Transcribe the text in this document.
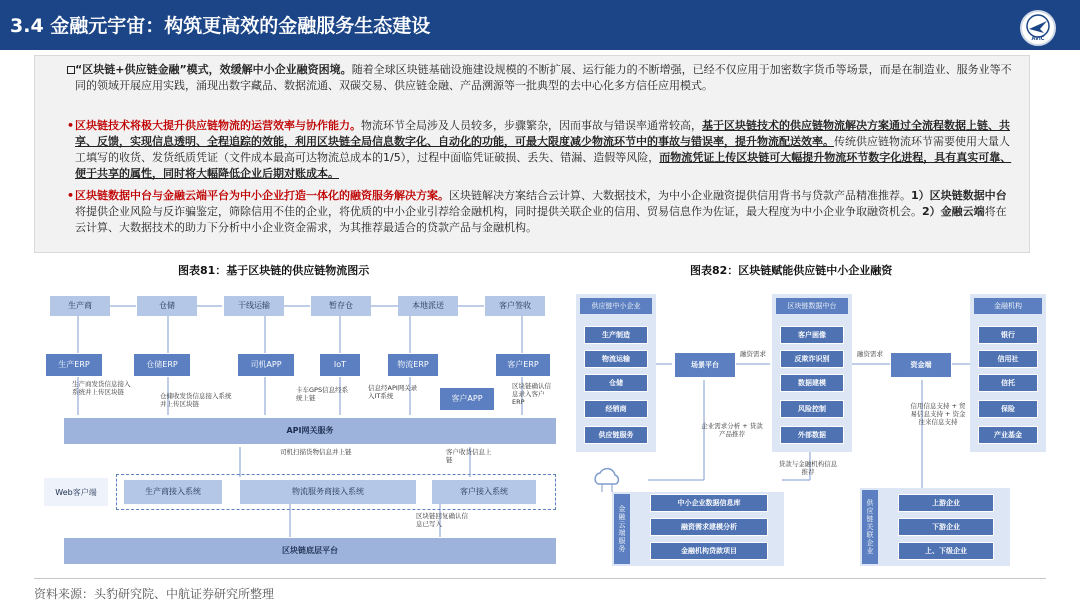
3.4 金融元宇宙：构筑更高效的金融服务生态建设
AVIC
“区块链+供应链金融”模式，效缓解中小企业融资困境。随着全球区块链基础设施建设规模的不断扩展、运行能力的不断增强，已经不仅应用于加密数字货币等场景，而是在制造业、服务业等不同的领域开展应用实践，涌现出数字藏品、数据流通、双碳交易、供应链金融、产品溯源等一批典型的去中心化多方信任应用模式。
• 区块链技术将极大提升供应链物流的运营效率与协作能力。物流环节全局涉及人员较多，步骤繁杂，因而事故与错误率通常较高，基于区块链技术的供应链物流解决方案通过全流程数据上链、共享、反馈，实现信息透明、全程追踪的效能，利用区块链全局信息数字化、自动化的功能，可最大限度减少物流环节中的事故与错误率，提升物流配送效率。传统供应链物流环节需要使用大量人工填写的收货、发货纸质凭证（文件成本最高可达物流总成本的1/5），过程中面临凭证破损、丢失、错漏、造假等风险，而物流凭证上传区块链可大幅提升物流环节数字化进程，具有真实可靠、便于共享的属性，同时将大幅降低企业后期对账成本。
• 区块链数据中台与金融云端平台为中小企业打造一体化的融资服务解决方案。区块链解决方案结合云计算、大数据技术，为中小企业融资提供信用背书与贷款产品精准推荐。1）区块链数据中台将提供企业风险与反诈骗鉴定，筛除信用不佳的企业，将优质的中小企业引荐给金融机构，同时提供关联企业的信用、贸易信息作为佐证，最大程度为中小企业争取融资机会。2）金融云端将在云计算、大数据技术的助力下分析中小企业资金需求，为其推荐最适合的贷款产品与金融机构。
图表81：基于区块链的供应链物流图示	图表82：区块链赋能供应链中小企业融资
生产商	仓储	干线运输	暂存仓	本地派送	客户签收
生产ERP	仓储ERP	司机APP	IoT	物流ERP	客户ERP
客户APP
生产商发货信息接入系统并上传区块链	仓储收发货信息接入系统并上传区块链
卡车GPS信息经系统上链
信息经API网关录入IT系统
区块链确认信息录入客户ERP
API网关服务
司机扫描货物信息并上链	客户收货信息上链
Web客户端	生产商接入系统	物流服务商接入系统	客户接入系统
区块链回复确认信息已写入
区块链底层平台
供应链中小企业
生产制造
物流运输
仓储
经销商
供应链服务
场景平台
融资需求
区块链数据中台
客户画像
反欺诈识别
数据建模
风险控制
外部数据
融资需求
资金端
金融机构
银行
信用社
信托
保险
产业基金
企业需求分析 + 贷款产品推荐
贷款与金融机构信息推荐
信用信息支持 + 贸易信息支持 + 资金往来信息支持
金融云端服务
中小企业数据信息库
融资需求建模分析
金融机构贷款项目	供应链关联企业	上游企业
下游企业
上、下级企业
资料来源：头豹研究院、中航证券研究所整理
